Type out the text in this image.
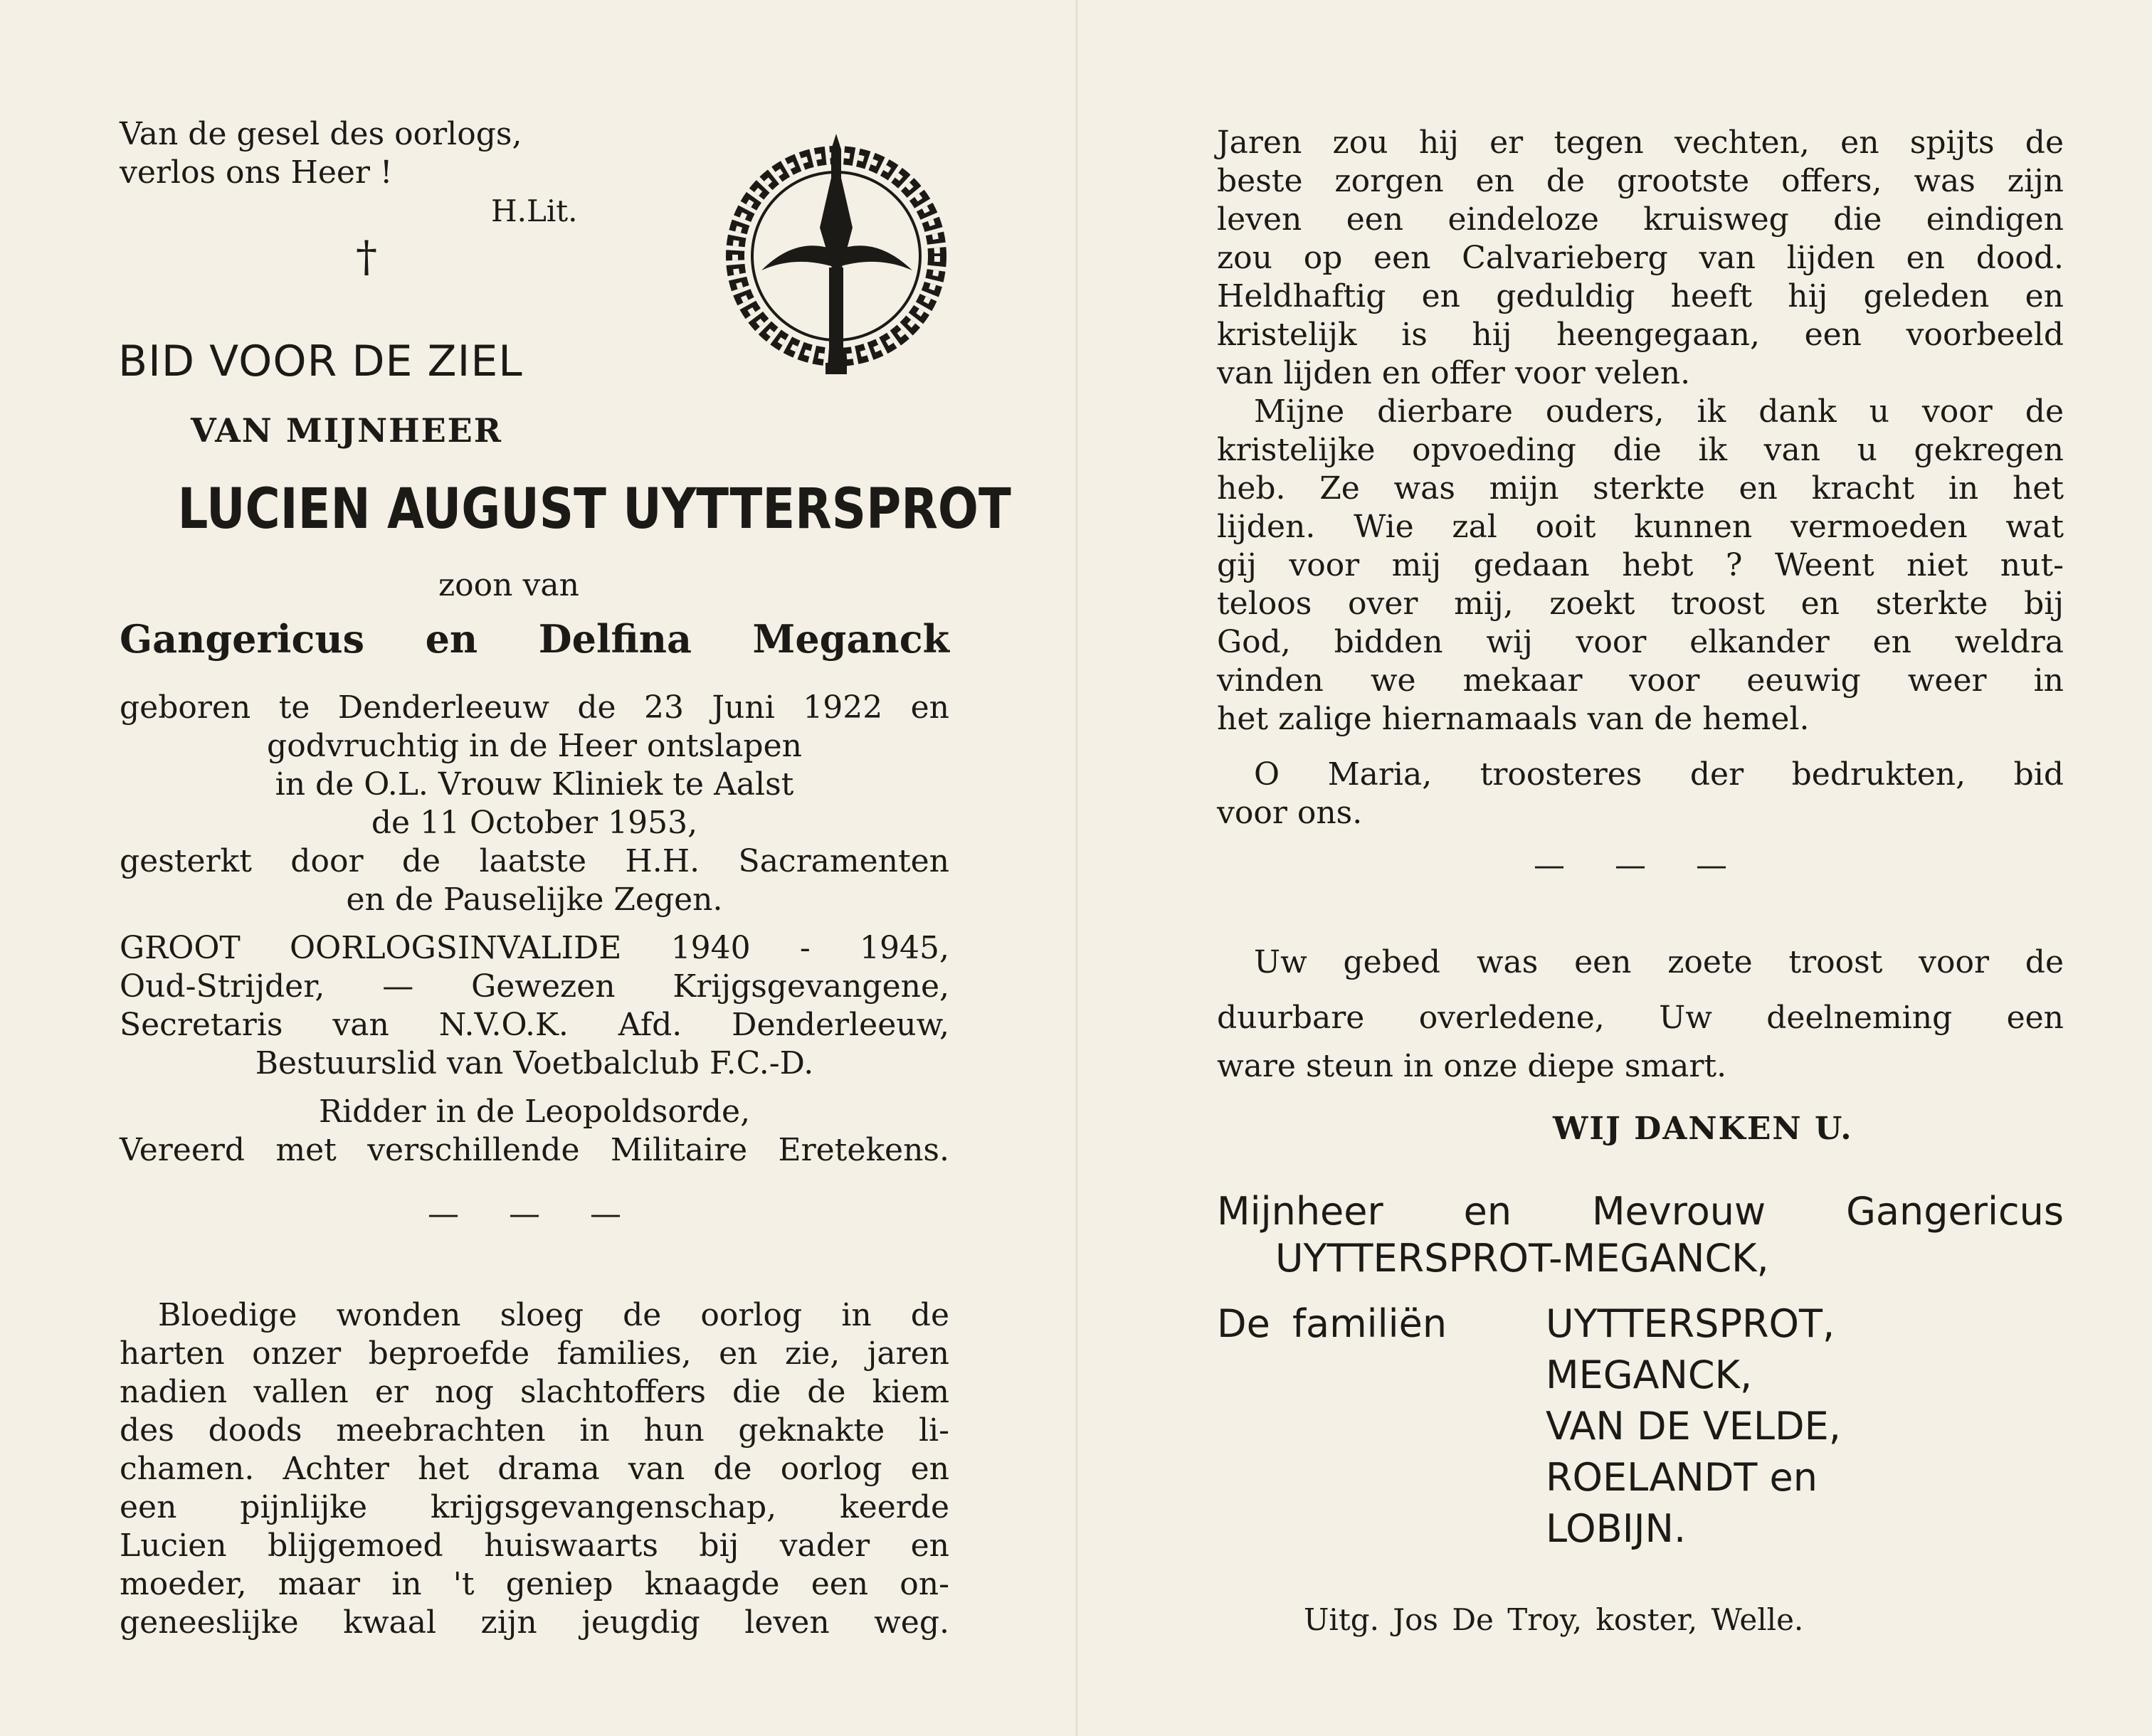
Van de gesel des oorlogs,
verlos ons Heer !
H.Lit.
†
BID VOOR DE ZIEL
VAN MIJNHEER
LUCIEN AUGUST UYTTERSPROT
zoon van
Gangericus en Delfina Meganck
geboren te Denderleeuw de 23 Juni 1922 en
godvruchtig in de Heer ontslapen
in de O.L. Vrouw Kliniek te Aalst
de 11 October 1953,
gesterkt door de laatste H.H. Sacramenten
en de Pauselijke Zegen.
GROOT OORLOGSINVALIDE 1940 - 1945,
Oud-Strijder, — Gewezen Krijgsgevangene,
Secretaris van N.V.O.K. Afd. Denderleeuw,
Bestuurslid van Voetbalclub F.C.-D.
Ridder in de Leopoldsorde,
Vereerd met verschillende Militaire Eretekens.
— — —
Bloedige wonden sloeg de oorlog in de
harten onzer beproefde families, en zie, jaren
nadien vallen er nog slachtoffers die de kiem
des doods meebrachten in hun geknakte li-
chamen. Achter het drama van de oorlog en
een pijnlijke krijgsgevangenschap, keerde
Lucien blijgemoed huiswaarts bij vader en
moeder, maar in 't geniep knaagde een on-
geneeslijke kwaal zijn jeugdig leven weg.
Jaren zou hij er tegen vechten, en spijts de
beste zorgen en de grootste offers, was zijn
leven een eindeloze kruisweg die eindigen
zou op een Calvarieberg van lijden en dood.
Heldhaftig en geduldig heeft hij geleden en
kristelijk is hij heengegaan, een voorbeeld
van lijden en offer voor velen.
Mijne dierbare ouders, ik dank u voor de
kristelijke opvoeding die ik van u gekregen
heb. Ze was mijn sterkte en kracht in het
lijden. Wie zal ooit kunnen vermoeden wat
gij voor mij gedaan hebt ? Weent niet nut-
teloos over mij, zoekt troost en sterkte bij
God, bidden wij voor elkander en weldra
vinden we mekaar voor eeuwig weer in
het zalige hiernamaals van de hemel.
O Maria, troosteres der bedrukten, bid
voor ons.
— — —
Uw gebed was een zoete troost voor de
duurbare overledene, Uw deelneming een
ware steun in onze diepe smart.
WIJ DANKEN U.
Mijnheer en Mevrouw Gangericus
UYTTERSPROT-MEGANCK,
De familiën	UYTTERSPROT,
MEGANCK,
VAN DE VELDE,
ROELANDT en
LOBIJN.
Uitg. Jos De Troy, koster, Welle.
